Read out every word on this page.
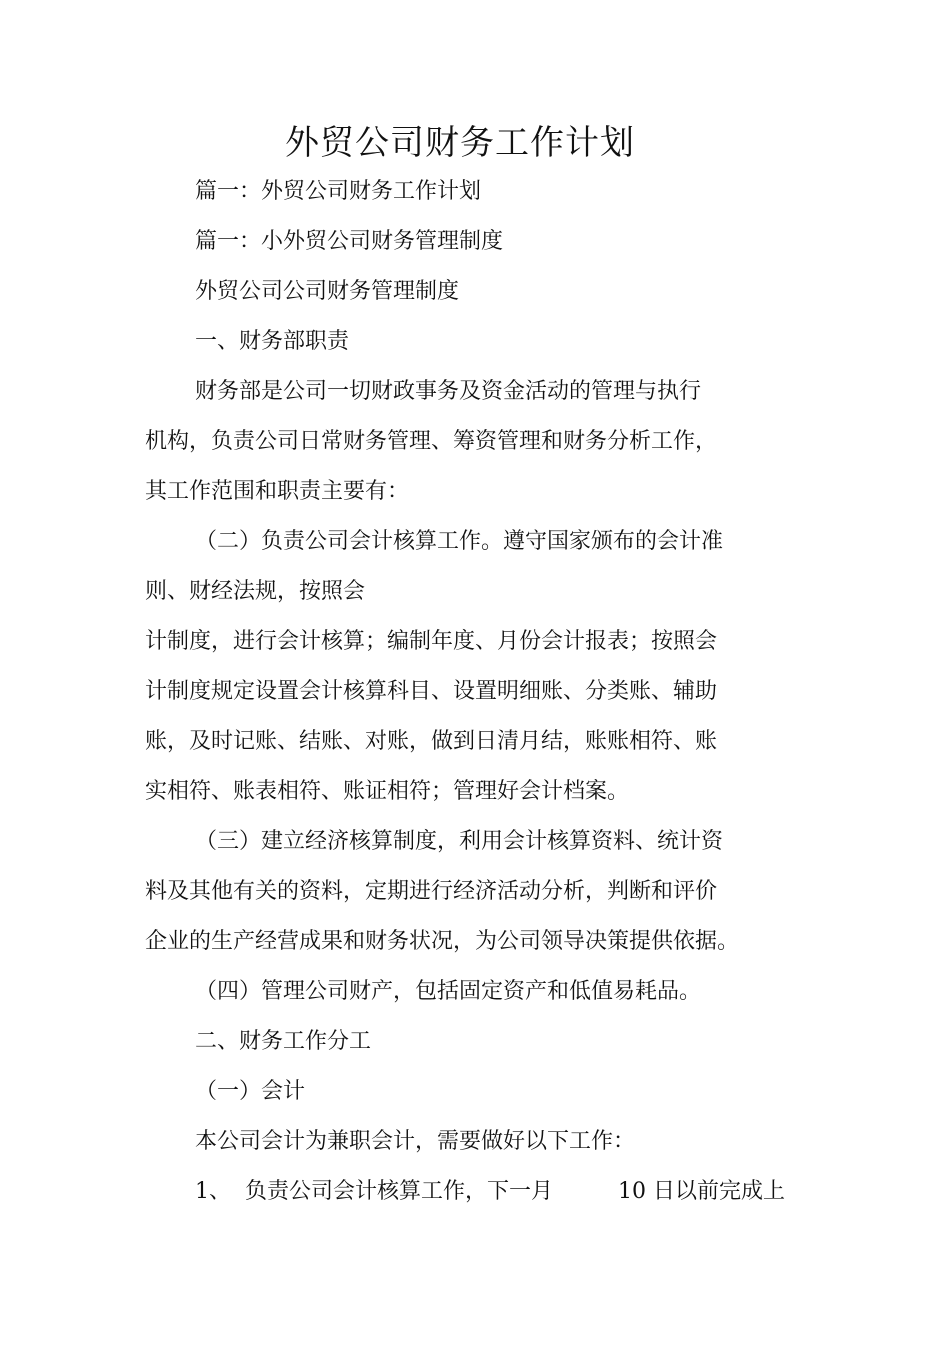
外贸公司财务工作计划
篇一：外贸公司财务工作计划
篇一：小外贸公司财务管理制度
外贸公司公司财务管理制度
一、财务部职责
财务部是公司一切财政事务及资金活动的管理与执行
机构，负责公司日常财务管理、筹资管理和财务分析工作，
其工作范围和职责主要有：
（二）负责公司会计核算工作。遵守国家颁布的会计准
则、财经法规，按照会
计制度，进行会计核算；编制年度、月份会计报表；按照会
计制度规定设置会计核算科目、设置明细账、分类账、辅助
账，及时记账、结账、对账，做到日清月结，账账相符、账
实相符、账表相符、账证相符；管理好会计档案。
（三）建立经济核算制度，利用会计核算资料、统计资
料及其他有关的资料，定期进行经济活动分析，判断和评价
企业的生产经营成果和财务状况，为公司领导决策提供依据。
（四）管理公司财产，包括固定资产和低值易耗品。
二、财务工作分工
（一）会计
本公司会计为兼职会计，需要做好以下工作：
1、 负责公司会计核算工作，下一月	10 日以前完成上
